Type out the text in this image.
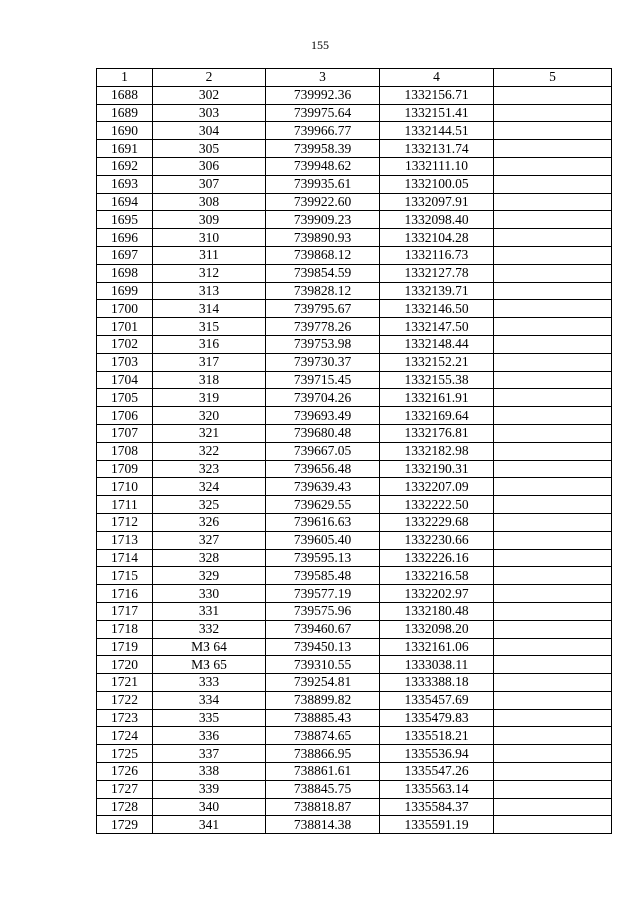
155
1	2	3	4	5
1688	302	739992.36	1332156.71	
1689	303	739975.64	1332151.41	
1690	304	739966.77	1332144.51	
1691	305	739958.39	1332131.74	
1692	306	739948.62	1332111.10	
1693	307	739935.61	1332100.05	
1694	308	739922.60	1332097.91	
1695	309	739909.23	1332098.40	
1696	310	739890.93	1332104.28	
1697	311	739868.12	1332116.73	
1698	312	739854.59	1332127.78	
1699	313	739828.12	1332139.71	
1700	314	739795.67	1332146.50	
1701	315	739778.26	1332147.50	
1702	316	739753.98	1332148.44	
1703	317	739730.37	1332152.21	
1704	318	739715.45	1332155.38	
1705	319	739704.26	1332161.91	
1706	320	739693.49	1332169.64	
1707	321	739680.48	1332176.81	
1708	322	739667.05	1332182.98	
1709	323	739656.48	1332190.31	
1710	324	739639.43	1332207.09	
1711	325	739629.55	1332222.50	
1712	326	739616.63	1332229.68	
1713	327	739605.40	1332230.66	
1714	328	739595.13	1332226.16	
1715	329	739585.48	1332216.58	
1716	330	739577.19	1332202.97	
1717	331	739575.96	1332180.48	
1718	332	739460.67	1332098.20	
1719	МЗ 64	739450.13	1332161.06	
1720	МЗ 65	739310.55	1333038.11	
1721	333	739254.81	1333388.18	
1722	334	738899.82	1335457.69	
1723	335	738885.43	1335479.83	
1724	336	738874.65	1335518.21	
1725	337	738866.95	1335536.94	
1726	338	738861.61	1335547.26	
1727	339	738845.75	1335563.14	
1728	340	738818.87	1335584.37	
1729	341	738814.38	1335591.19	
